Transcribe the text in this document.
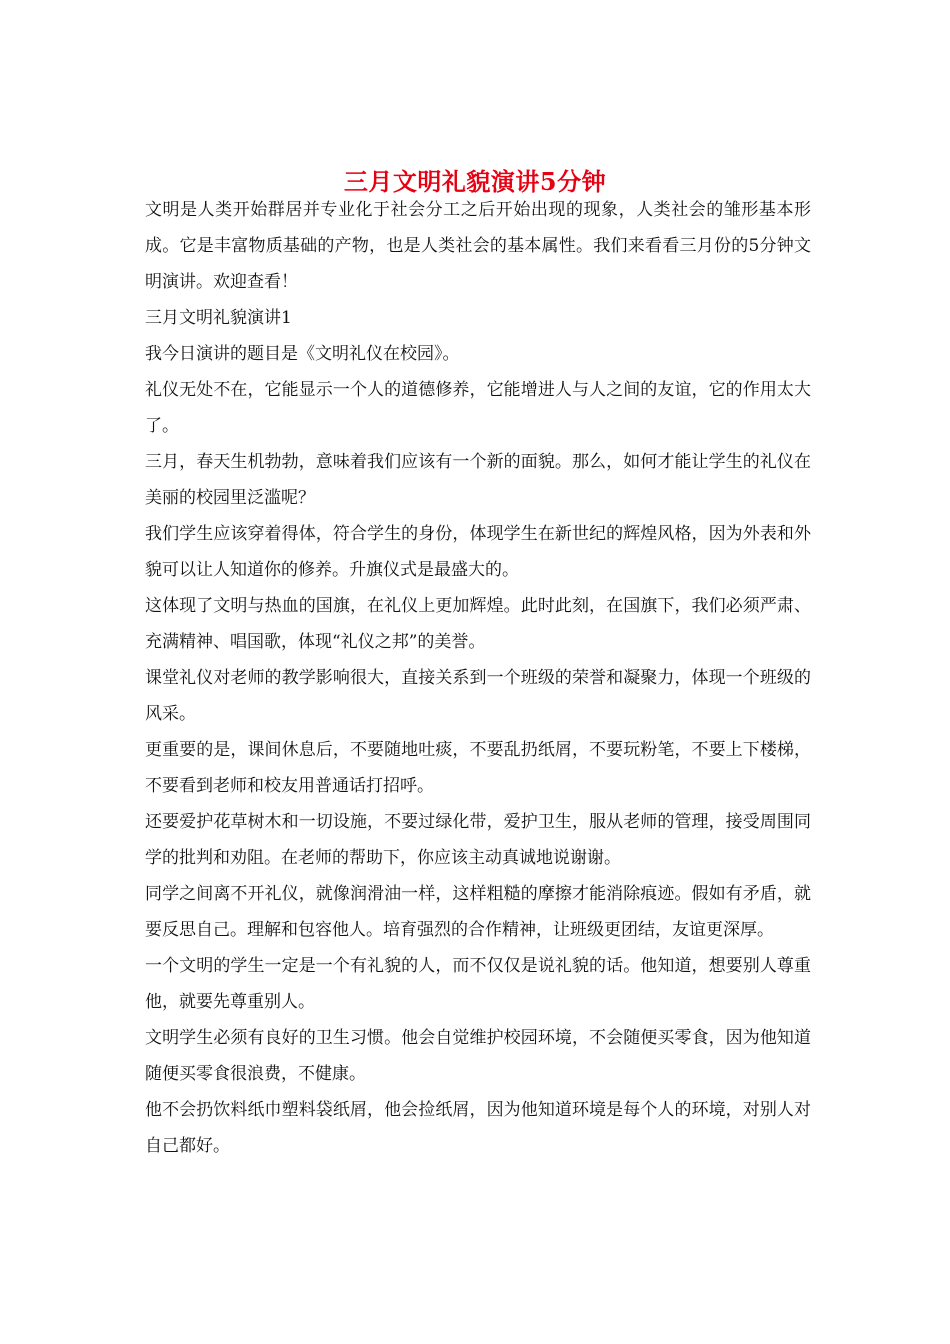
三月文明礼貌演讲5分钟

文明是人类开始群居并专业化于社会分工之后开始出现的现象，人类社会的雏形基本形成。它是丰富物质基础的产物，也是人类社会的基本属性。我们来看看三月份的5分钟文明演讲。欢迎查看！

三月文明礼貌演讲1

我今日演讲的题目是《文明礼仪在校园》。

礼仪无处不在，它能显示一个人的道德修养，它能增进人与人之间的友谊，它的作用太大了。

三月，春天生机勃勃，意味着我们应该有一个新的面貌。那么，如何才能让学生的礼仪在美丽的校园里泛滥呢？

我们学生应该穿着得体，符合学生的身份，体现学生在新世纪的辉煌风格，因为外表和外貌可以让人知道你的修养。升旗仪式是最盛大的。

这体现了文明与热血的国旗，在礼仪上更加辉煌。此时此刻，在国旗下，我们必须严肃、充满精神、唱国歌，体现“礼仪之邦”的美誉。

课堂礼仪对老师的教学影响很大，直接关系到一个班级的荣誉和凝聚力，体现一个班级的风采。

更重要的是，课间休息后，不要随地吐痰，不要乱扔纸屑，不要玩粉笔，不要上下楼梯，不要看到老师和校友用普通话打招呼。

还要爱护花草树木和一切设施，不要过绿化带，爱护卫生，服从老师的管理，接受周围同学的批判和劝阻。在老师的帮助下，你应该主动真诚地说谢谢。

同学之间离不开礼仪，就像润滑油一样，这样粗糙的摩擦才能消除痕迹。假如有矛盾，就要反思自己。理解和包容他人。培育强烈的合作精神，让班级更团结，友谊更深厚。

一个文明的学生一定是一个有礼貌的人，而不仅仅是说礼貌的话。他知道，想要别人尊重他，就要先尊重别人。

文明学生必须有良好的卫生习惯。他会自觉维护校园环境，不会随便买零食，因为他知道随便买零食很浪费，不健康。

他不会扔饮料纸巾塑料袋纸屑，他会捡纸屑，因为他知道环境是每个人的环境，对别人对自己都好。
